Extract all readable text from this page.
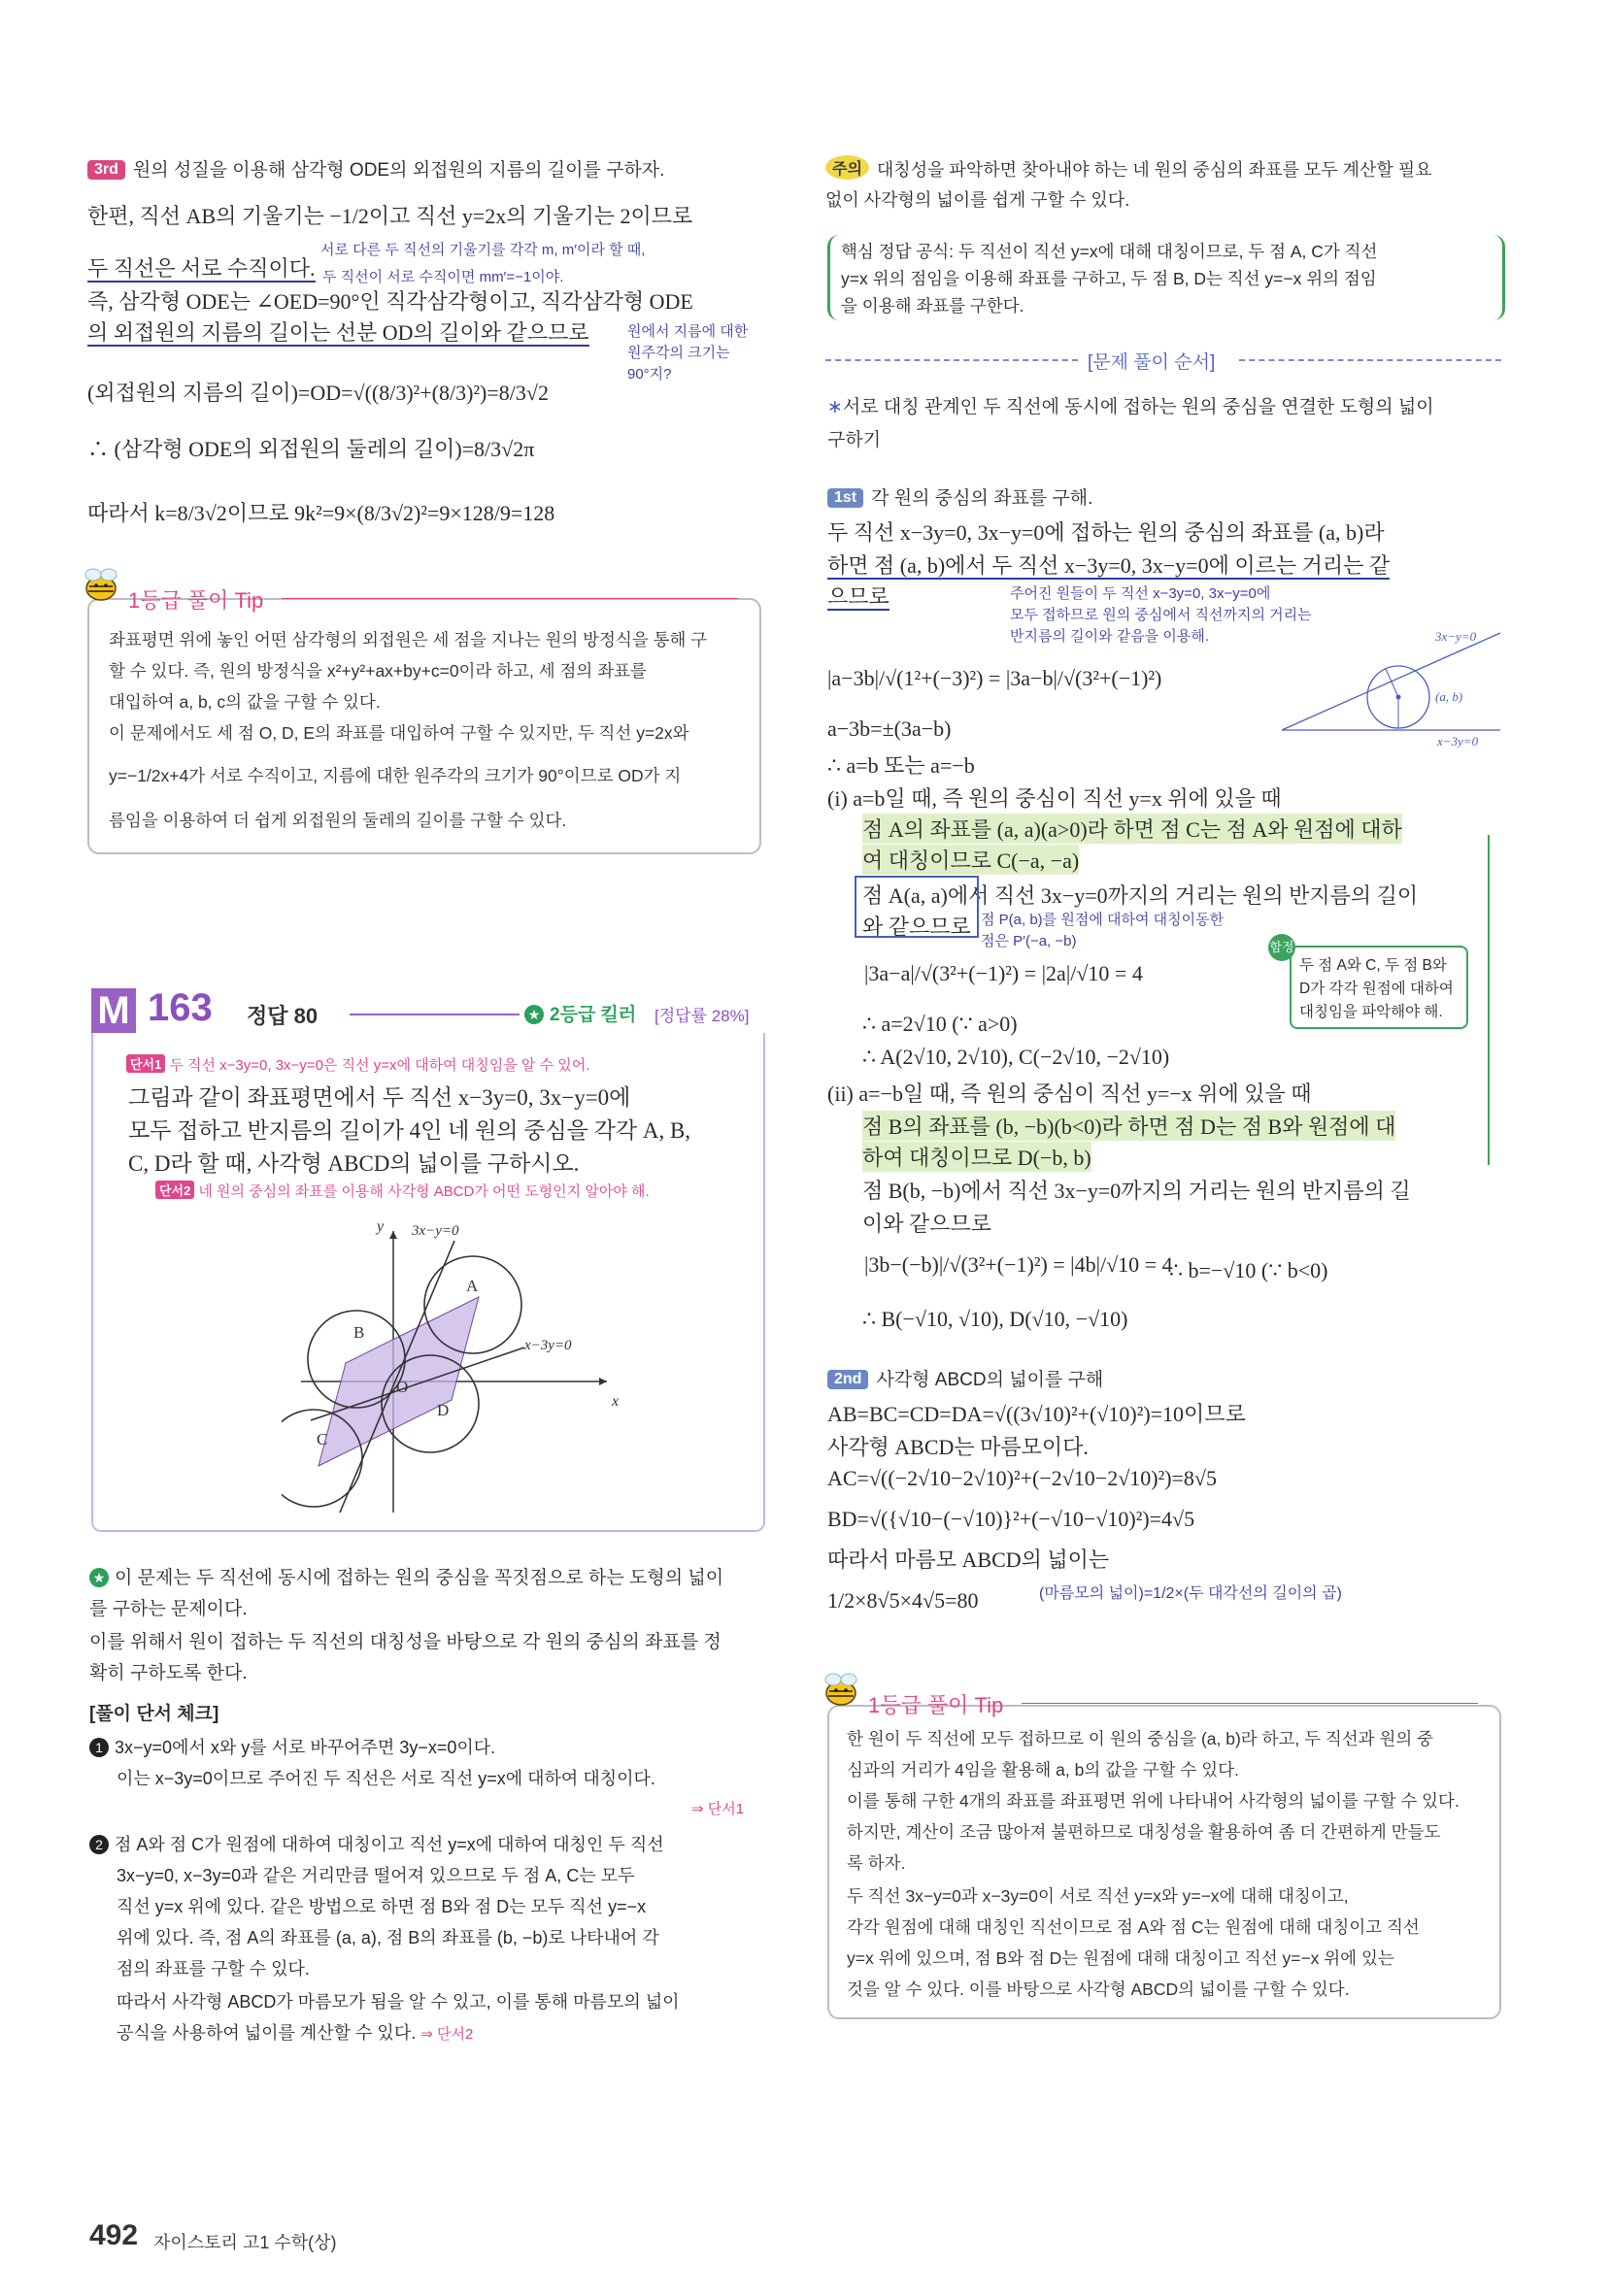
3rd 원의 성질을 이용해 삼각형 ODE의 외접원의 지름의 길이를 구하자.
한편, 직선 AB의 기울기는 −1/2이고 직선 y=2x의 기울기는 2이므로
서로 다른 두 직선의 기울기를 각각 m, m′이라 할 때,
두 직선은 서로 수직이다. 두 직선이 서로 수직이면 mm′=−1이야.
즉, 삼각형 ODE는 ∠OED=90°인 직각삼각형이고, 직각삼각형 ODE
의 외접원의 지름의 길이는 선분 OD의 길이와 같으므로	원에서 지름에 대한
원주각의 크기는
90°지?
(외접원의 지름의 길이)=OD=√((8/3)²+(8/3)²)=8/3√2
∴ (삼각형 ODE의 외접원의 둘레의 길이)=8/3√2π
따라서 k=8/3√2이므로 9k²=9×(8/3√2)²=9×128/9=128
1등급 풀이 Tip
좌표평면 위에 놓인 어떤 삼각형의 외접원은 세 점을 지나는 원의 방정식을 통해 구
할 수 있다. 즉, 원의 방정식을 x²+y²+ax+by+c=0이라 하고, 세 점의 좌표를
대입하여 a, b, c의 값을 구할 수 있다.
이 문제에서도 세 점 O, D, E의 좌표를 대입하여 구할 수 있지만, 두 직선 y=2x와
y=−1/2x+4가 서로 수직이고, 지름에 대한 원주각의 크기가 90°이므로 OD가 지
름임을 이용하여 더 쉽게 외접원의 둘레의 길이를 구할 수 있다.
M 163 정답 80	★ 2등급 킬러 [정답률 28%]
단서1 두 직선 x−3y=0, 3x−y=0은 직선 y=x에 대하여 대칭임을 알 수 있어.
그림과 같이 좌표평면에서 두 직선 x−3y=0, 3x−y=0에
모두 접하고 반지름의 길이가 4인 네 원의 중심을 각각 A, B,
C, D라 할 때, 사각형 ABCD의 넓이를 구하시오.
단서2 네 원의 중심의 좌표를 이용해 사각형 ABCD가 어떤 도형인지 알아야 해.
y
x
O
3x−y=0
x−3y=0
A
B
C
D
★ 이 문제는 두 직선에 동시에 접하는 원의 중심을 꼭짓점으로 하는 도형의 넓이
를 구하는 문제이다.
이를 위해서 원이 접하는 두 직선의 대칭성을 바탕으로 각 원의 중심의 좌표를 정
확히 구하도록 한다.
[풀이 단서 체크]
1 3x−y=0에서 x와 y를 서로 바꾸어주면 3y−x=0이다.
이는 x−3y=0이므로 주어진 두 직선은 서로 직선 y=x에 대하여 대칭이다.
⇒ 단서1
2 점 A와 점 C가 원점에 대하여 대칭이고 직선 y=x에 대하여 대칭인 두 직선
3x−y=0, x−3y=0과 같은 거리만큼 떨어져 있으므로 두 점 A, C는 모두
직선 y=x 위에 있다. 같은 방법으로 하면 점 B와 점 D는 모두 직선 y=−x
위에 있다. 즉, 점 A의 좌표를 (a, a), 점 B의 좌표를 (b, −b)로 나타내어 각
점의 좌표를 구할 수 있다.
따라서 사각형 ABCD가 마름모가 됨을 알 수 있고, 이를 통해 마름모의 넓이
공식을 사용하여 넓이를 계산할 수 있다. ⇒ 단서2
492 자이스토리 고1 수학(상)
주의 대칭성을 파악하면 찾아내야 하는 네 원의 중심의 좌표를 모두 계산할 필요
없이 사각형의 넓이를 쉽게 구할 수 있다.
핵심 정답 공식: 두 직선이 직선 y=x에 대해 대칭이므로, 두 점 A, C가 직선
y=x 위의 점임을 이용해 좌표를 구하고, 두 점 B, D는 직선 y=−x 위의 점임
을 이용해 좌표를 구한다.
[문제 풀이 순서]
∗서로 대칭 관계인 두 직선에 동시에 접하는 원의 중심을 연결한 도형의 넓이
구하기
1st 각 원의 중심의 좌표를 구해.
두 직선 x−3y=0, 3x−y=0에 접하는 원의 중심의 좌표를 (a, b)라
하면 점 (a, b)에서 두 직선 x−3y=0, 3x−y=0에 이르는 거리는 같
으므로	주어진 원들이 두 직선 x−3y=0, 3x−y=0에
모두 접하므로 원의 중심에서 직선까지의 거리는
반지름의 길이와 같음을 이용해.	3x−y=0
x−3y=0
(a, b)
|a−3b|/√(1²+(−3)²) = |3a−b|/√(3²+(−1)²)
a−3b=±(3a−b)
∴ a=b 또는 a=−b
(i) a=b일 때, 즉 원의 중심이 직선 y=x 위에 있을 때
점 A의 좌표를 (a, a)(a>0)라 하면 점 C는 점 A와 원점에 대하
여 대칭이므로 C(−a, −a)
점 A(a, a)에서 직선 3x−y=0까지의 거리는 원의 반지름의 길이
와 같으므로 점 P(a, b)를 원점에 대하여 대칭이동한
점은 P′(−a, −b)
|3a−a|/√(3²+(−1)²) = |2a|/√10 = 4
∴ a=2√10 (∵ a>0)
∴ A(2√10, 2√10), C(−2√10, −2√10)
함정
두 점 A와 C, 두 점 B와
D가 각각 원점에 대하여
대칭임을 파악해야 해.
(ii) a=−b일 때, 즉 원의 중심이 직선 y=−x 위에 있을 때
점 B의 좌표를 (b, −b)(b<0)라 하면 점 D는 점 B와 원점에 대
하여 대칭이므로 D(−b, b)
점 B(b, −b)에서 직선 3x−y=0까지의 거리는 원의 반지름의 길
이와 같으므로
|3b−(−b)|/√(3²+(−1)²) = |4b|/√10 = 4
∴ b=−√10 (∵ b<0)
∴ B(−√10, √10), D(√10, −√10)
2nd 사각형 ABCD의 넓이를 구해
AB=BC=CD=DA=√((3√10)²+(√10)²)=10이므로
사각형 ABCD는 마름모이다.
AC=√((−2√10−2√10)²+(−2√10−2√10)²)=8√5
BD=√({√10−(−√10)}²+(−√10−√10)²)=4√5
따라서 마름모 ABCD의 넓이는
1/2×8√5×4√5=80	(마름모의 넓이)=1/2×(두 대각선의 길이의 곱)
1등급 풀이 Tip
한 원이 두 직선에 모두 접하므로 이 원의 중심을 (a, b)라 하고, 두 직선과 원의 중
심과의 거리가 4임을 활용해 a, b의 값을 구할 수 있다.
이를 통해 구한 4개의 좌표를 좌표평면 위에 나타내어 사각형의 넓이를 구할 수 있다.
하지만, 계산이 조금 많아져 불편하므로 대칭성을 활용하여 좀 더 간편하게 만들도
록 하자.
두 직선 3x−y=0과 x−3y=0이 서로 직선 y=x와 y=−x에 대해 대칭이고,
각각 원점에 대해 대칭인 직선이므로 점 A와 점 C는 원점에 대해 대칭이고 직선
y=x 위에 있으며, 점 B와 점 D는 원점에 대해 대칭이고 직선 y=−x 위에 있는
것을 알 수 있다. 이를 바탕으로 사각형 ABCD의 넓이를 구할 수 있다.
